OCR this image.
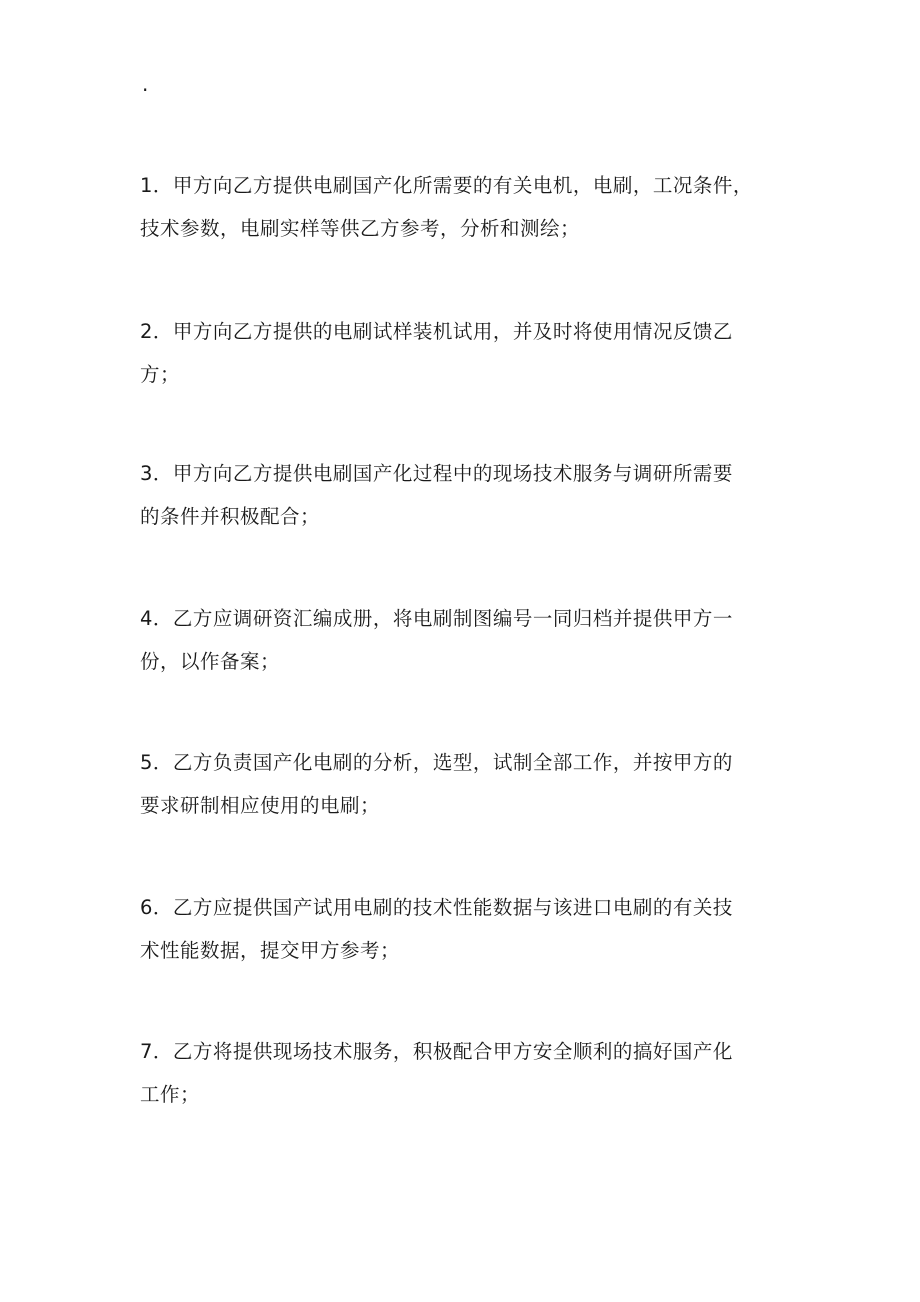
.
1．甲方向乙方提供电刷国产化所需要的有关电机，电刷，工况条件，
技术参数，电刷实样等供乙方参考，分析和测绘；
2．甲方向乙方提供的电刷试样装机试用，并及时将使用情况反馈乙
方；
3．甲方向乙方提供电刷国产化过程中的现场技术服务与调研所需要
的条件并积极配合；
4．乙方应调研资汇编成册，将电刷制图编号一同归档并提供甲方一
份，以作备案；
5．乙方负责国产化电刷的分析，选型，试制全部工作，并按甲方的
要求研制相应使用的电刷；
6．乙方应提供国产试用电刷的技术性能数据与该进口电刷的有关技
术性能数据，提交甲方参考；
7．乙方将提供现场技术服务，积极配合甲方安全顺利的搞好国产化
工作；
